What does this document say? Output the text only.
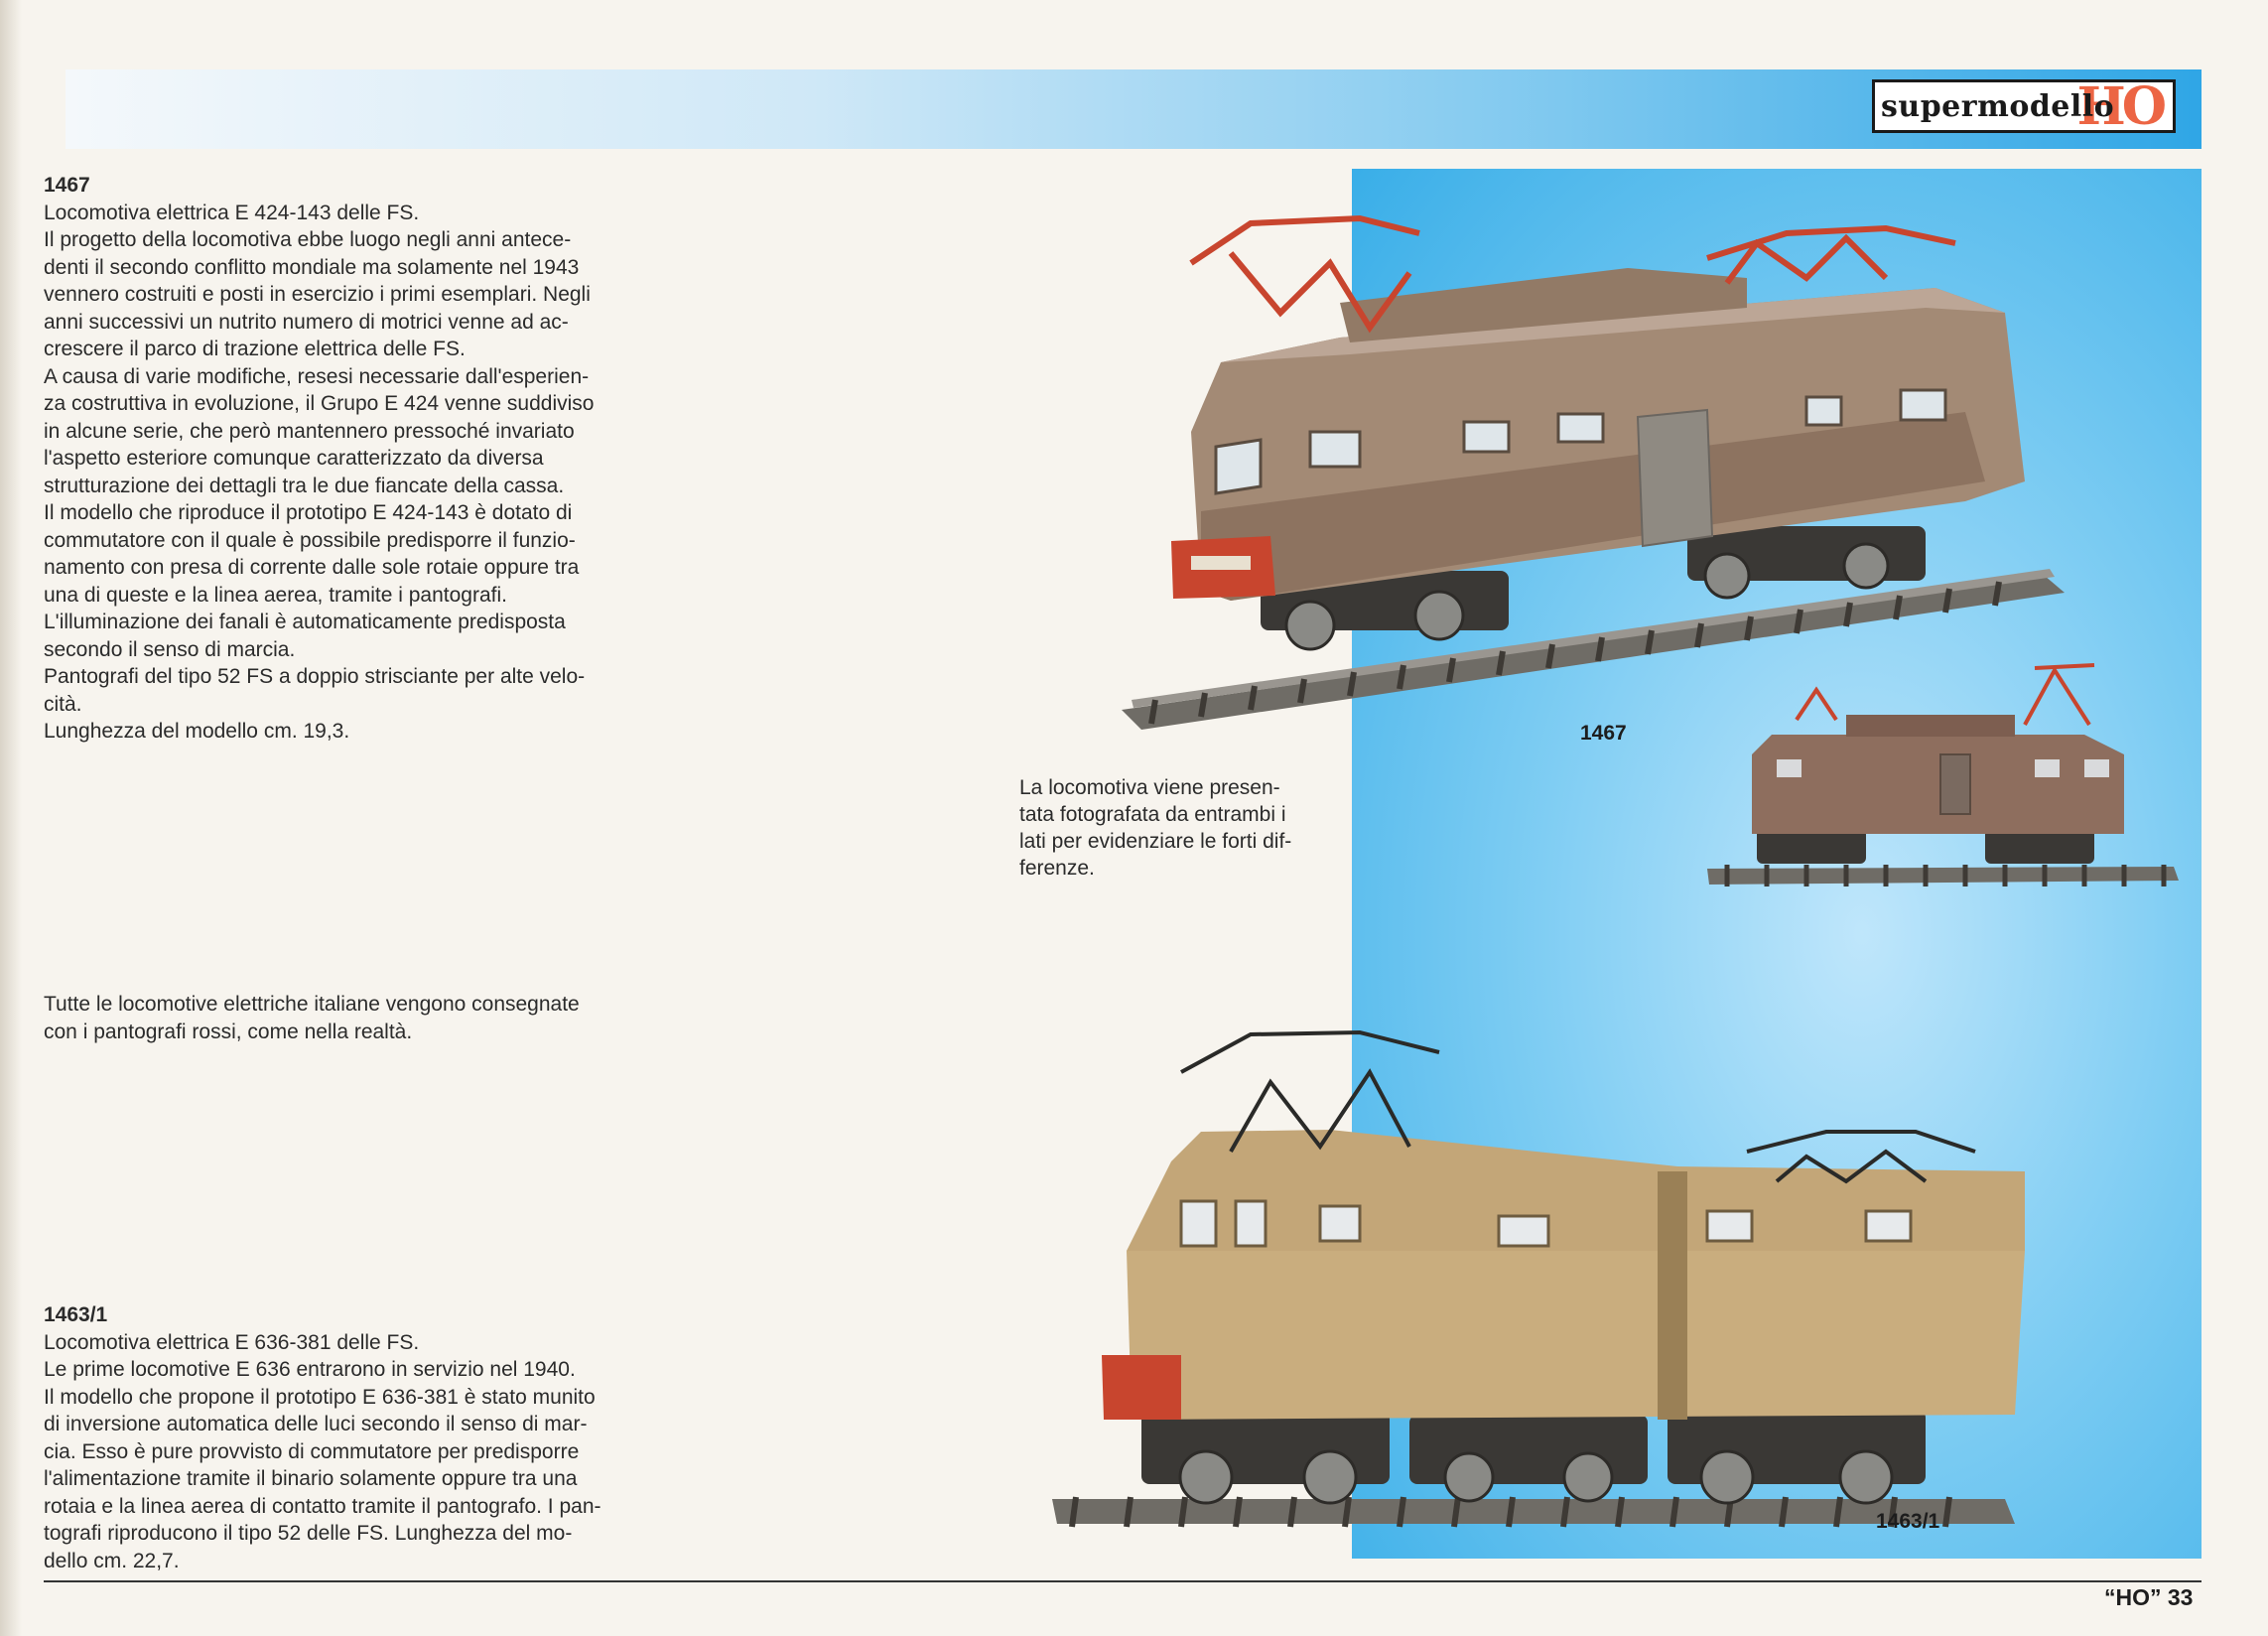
supermodello
HO

1467

Locomotiva elettrica E 424-143 delle FS.

Il progetto della locomotiva ebbe luogo negli anni antece-

denti il secondo conflitto mondiale ma solamente nel 1943

vennero costruiti e posti in esercizio i primi esemplari. Negli

anni successivi un nutrito numero di motrici venne ad ac-

crescere il parco di trazione elettrica delle FS.

A causa di varie modifiche, resesi necessarie dall'esperien-

za costruttiva in evoluzione, il Grupo E 424 venne suddiviso

in alcune serie, che però mantennero pressoché invariato

l'aspetto esteriore comunque caratterizzato da diversa

strutturazione dei dettagli tra le due fiancate della cassa.

Il modello che riproduce il prototipo E 424-143 è dotato di

commutatore con il quale è possibile predisporre il funzio-

namento con presa di corrente dalle sole rotaie oppure tra

una di queste e la linea aerea, tramite i pantografi.

L'illuminazione dei fanali è automaticamente predisposta

secondo il senso di marcia.

Pantografi del tipo 52 FS a doppio strisciante per alte velo-

cità.

Lunghezza del modello cm. 19,3.

Tutte le locomotive elettriche italiane vengono consegnate

con i pantografi rossi, come nella realtà.

1463/1

Locomotiva elettrica E 636-381 delle FS.

Le prime locomotive E 636 entrarono in servizio nel 1940.

Il modello che propone il prototipo E 636-381 è stato munito

di inversione automatica delle luci secondo il senso di mar-

cia. Esso è pure provvisto di commutatore per predisporre

l'alimentazione tramite il binario solamente oppure tra una

rotaia e la linea aerea di contatto tramite il pantografo. I pan-

tografi riproducono il tipo 52 delle FS. Lunghezza del mo-

dello cm. 22,7.

La locomotiva viene presen-

tata fotografata da entrambi i

lati per evidenziare le forti dif-

ferenze.

1467
1463/1
“HO” 33
